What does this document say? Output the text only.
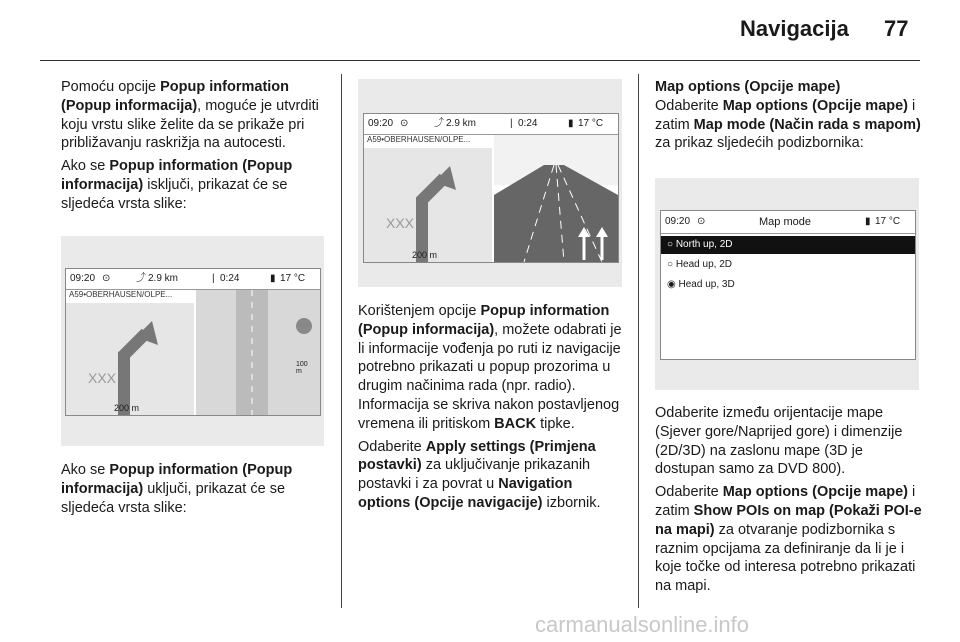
Navigacija 77

Pomoću opcije Popup information (Popup informacija), moguće je utvrditi koju vrstu slike želite da se prikaže pri približavanju raskrižja na autocesti.

Ako se Popup information (Popup informacija) isključi, prikazat će se sljedeća vrsta slike:

09:20 ⊙	⤴ 2.9 km	| 0:24	▮ 17 °C
A59•OBERHAUSEN/OLPE...
XXX
200 m
100 m

Ako se Popup information (Popup informacija) uključi, prikazat će se sljedeća vrsta slike:

09:20 ⊙	⤴ 2.9 km	| 0:24	▮ 17 °C
A59•OBERHAUSEN/OLPE...
XXX
200 m

Korištenjem opcije Popup information (Popup informacija), možete odabrati je li informacije vođenja po ruti iz navigacije potrebno prikazati u popup prozorima u drugim načinima rada (npr. radio). Informacija se skriva nakon postavljenog vremena ili pritiskom BACK tipke.

Odaberite Apply settings (Primjena postavki) za uključivanje prikazanih postavki i za povrat u Navigation options (Opcije navigacije) izbornik.

Map options (Opcije mape)

Odaberite Map options (Opcije mape) i zatim Map mode (Način rada s mapom) za prikaz sljedećih podizbornika:

09:20 ⊙	Map mode	▮ 17 °C
○ North up, 2D
○ Head up, 2D
◉ Head up, 3D

Odaberite između orijentacije mape (Sjever gore/Naprijed gore) i dimenzije (2D/3D) na zaslonu mape (3D je dostupan samo za DVD 800).

Odaberite Map options (Opcije mape) i zatim Show POIs on map (Pokaži POI-e na mapi) za otvaranje podizbornika s raznim opcijama za definiranje da li je i koje točke od interesa potrebno prikazati na mapi.

carmanualsonline.info
